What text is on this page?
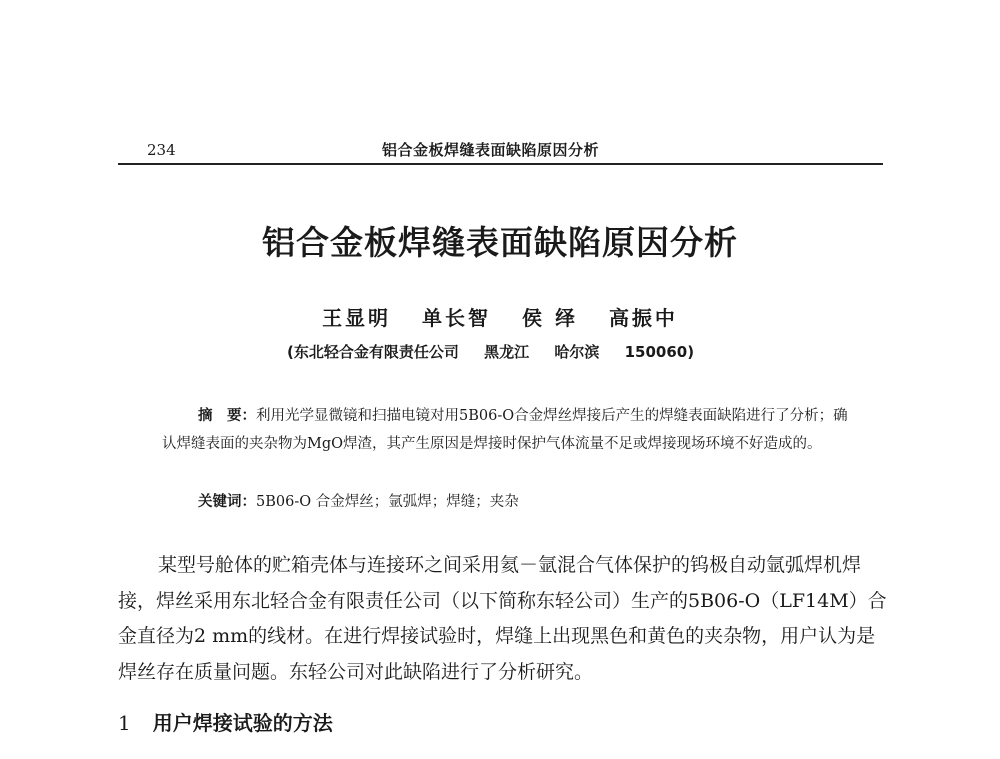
234	铝合金板焊缝表面缺陷原因分析
铝合金板焊缝表面缺陷原因分析
王显明 单长智 侯 绎 高振中
(东北轻合金有限责任公司 黑龙江 哈尔滨 150060)
摘　要：利用光学显微镜和扫描电镜对用5B06-O合金焊丝焊接后产生的焊缝表面缺陷进行了分析；确认焊缝表面的夹杂物为MgO焊渣，其产生原因是焊接时保护气体流量不足或焊接现场环境不好造成的。
关键词：5B06-O 合金焊丝；氩弧焊；焊缝；夹杂

某型号舱体的贮箱壳体与连接环之间采用氦－氩混合气体保护的钨极自动氩弧焊机焊接，焊丝采用东北轻合金有限责任公司（以下简称东轻公司）生产的5B06-O（LF14M）合金直径为2 mm的线材。在进行焊接试验时，焊缝上出现黑色和黄色的夹杂物，用户认为是焊丝存在质量问题。东轻公司对此缺陷进行了分析研究。

1 用户焊接试验的方法
